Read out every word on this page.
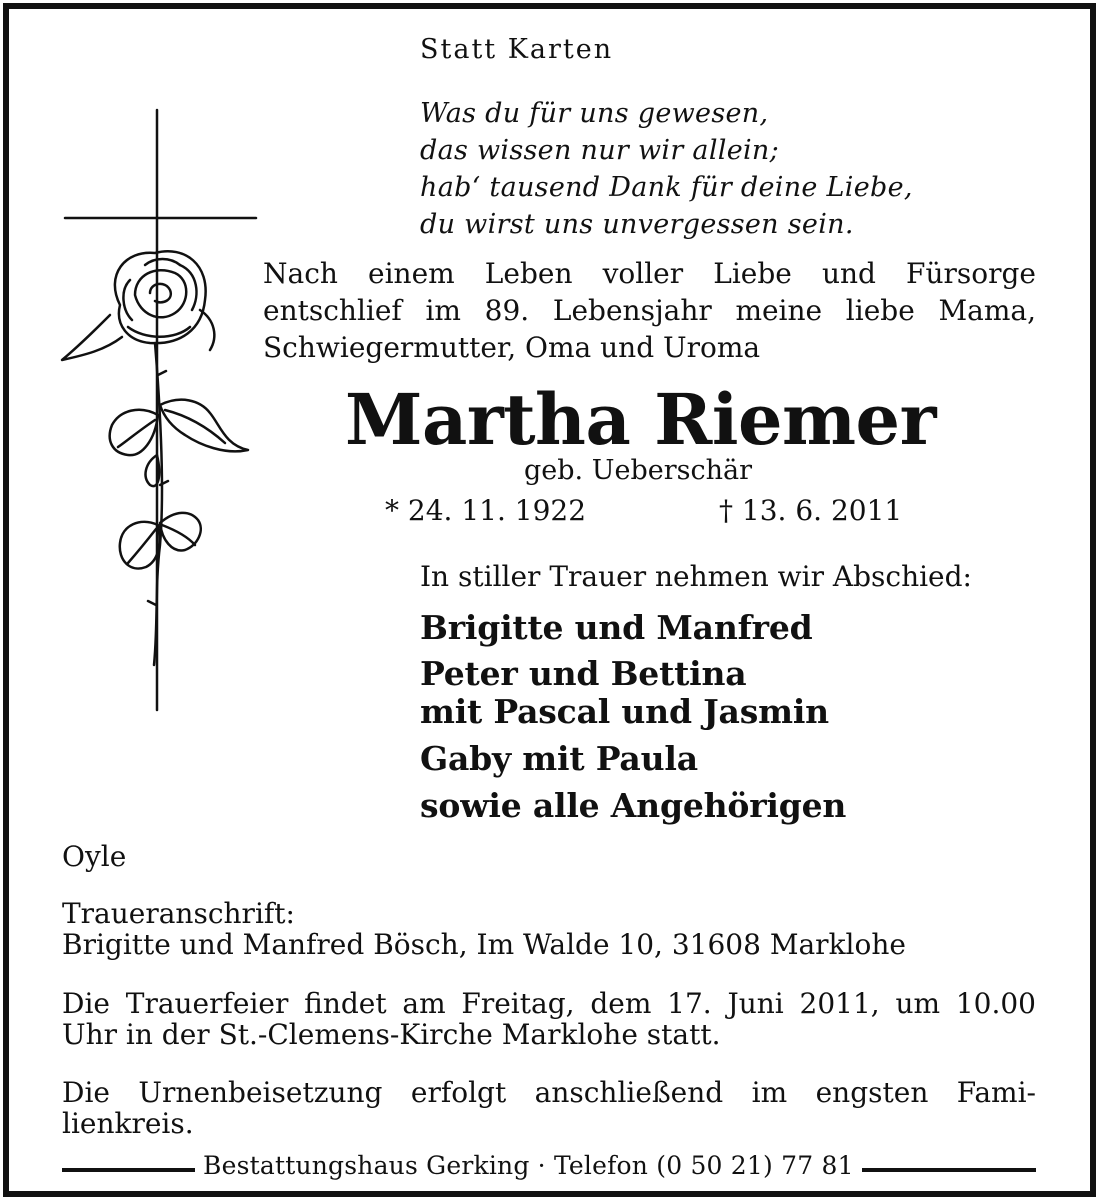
Statt Karten
Was du für uns gewesen,
das wissen nur wir allein;
hab‘ tausend Dank für deine Liebe,
du wirst uns unvergessen sein.
Nach einem Leben voller Liebe und Fürsorge
entschlief im 89. Lebensjahr meine liebe Mama,
Schwiegermutter, Oma und Uroma
Martha Riemer
geb. Ueberschär
* 24. 11. 1922	† 13. 6. 2011
In stiller Trauer nehmen wir Abschied:
Brigitte und Manfred
Peter und Bettina
mit Pascal und Jasmin
Gaby mit Paula
sowie alle Angehörigen
Oyle
Traueranschrift:
Brigitte und Manfred Bösch, Im Walde 10, 31608 Marklohe
Die Trauerfeier findet am Freitag, dem 17. Juni 2011, um 10.00
Uhr in der St.-Clemens-Kirche Marklohe statt.
Die Urnenbeisetzung erfolgt anschließend im engsten Fami-
lienkreis.
Bestattungshaus Gerking · Telefon (0 50 21) 77 81
